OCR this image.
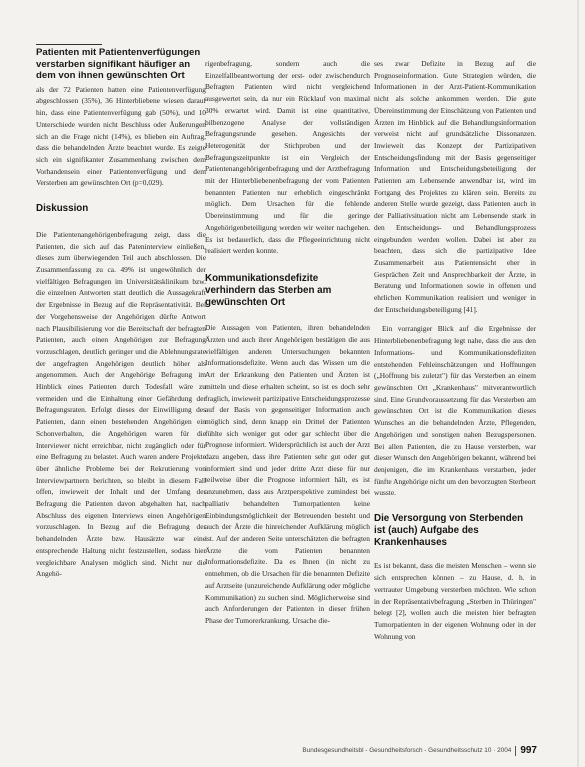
Patienten mit Patientenverfügungen verstarben signifikant häufiger an dem von ihnen gewünschten Ort

als der 72 Patienten hatten eine Patientenverfügung abgeschlossen (35%), 36 Hinterbliebene wiesen darauf hin, dass eine Patientenverfügung gab (50%), und 10 Unterschiede wurden nicht Beschluss oder Äußerungen sich an die Frage nicht (14%), es blieben ein Auftrag, dass die behandelnden Ärzte beachtet wurde. Es zeigte sich ein signifikanter Zusammenhang zwischen dem Vorhandensein einer Patientenverfügung und dem Versterben am gewünschten Ort (p=0,029).

Diskussion

Die Patientenangehörigenbefragung zeigt, dass die Patienten, die sich auf das Pateninterview einließen, dieses zum überwiegenden Teil auch abschlossen. Die Zusammenfassung zu ca. 49% ist ungewöhnlich der vielfältigen Befragungen im Universitätsklinikum bzw. die einzelnen Antworten statt deutlich die Aussagekraft der Ergebnisse in Bezug auf die Repräsentativität. Bei der Vorgehensweise der Angehörigen dürfte Antwort nach Plausibilisierung vor die Bereitschaft der befragten Patienten, auch einen Angehörigen zur Befragung vorzuschlagen, deutlich geringer und die Ablehnungsrate der angefragten Angehörigen deutlich höher als angenommen. Auch der Angehörige Befragung im Hinblick eines Patienten durch Todesfall wäre zu vermeiden und die Einhaltung einer Gefährdung der Befragungsraten. Erfolgt dieses der Einwilligung des Patienten, dann einen bestehenden Angehörigen ein Schonverhalten, die Angehörigen waren für die Interviewer nicht erreichbar, nicht zugänglich oder für eine Befragung zu belastet. Auch waren andere Projekte über ähnliche Probleme bei der Rekrutierung von Interviewpartnern berichten, so bleibt in diesem Fall offen, inwieweit der Inhalt und der Umfang der Befragung die Patienten davon abgehalten hat, nach Abschluss des eigenen Interviews einen Angehörigen vorzuschlagen. In Bezug auf die Befragung der behandelnden Ärzte bzw. Hausärzte war eine entsprechende Haltung nicht festzustellen, sodass hier vergleichbare Analysen möglich sind. Nicht nur die Angehö-

rigenbefragung, sondern auch die Einzelfallbeantwortung der erst- oder zwischendurch Befragten Patienten wird nicht vergleichend ausgewertet sein, da nur ein Rücklauf von maximal 30% erwartet wird. Damit ist eine quantitative, bilbenzogene Analyse der vollständigen Befragungsrunde gesehen. Angesichts der Heterogenität der Stichproben und der Befragungszeitpunkte ist ein Vergleich der Patientenangehörigenbefragung und der Arztbefragung mit der Hinterbliebenenbefragung der vom Patienten benannten Patienten nur erheblich eingeschränkt möglich. Dem Ursachen für die fehlende Übereinstimmung und für die geringe Angehörigenbeteiligung werden wir weiter nachgehen. Es ist bedauerlich, dass die Pflegeeinrichtung nicht realisiert werden konnte.

Kommunikationsdefizite verhindern das Sterben am gewünschten Ort

Die Aussagen von Patienten, ihren behandelnden Ärzten und auch ihrer Angehörigen bestätigen die aus vielfältigen anderen Untersuchungen bekannten Informationsdefizite. Wenn auch das Wissen um die Art der Erkrankung den Patienten und Ärzten ist mitteln und diese erhalten scheint, so ist es doch sehr fraglich, inwieweit partizipative Entscheidungsprozesse auf der Basis von gegenseitiger Information auch möglich sind, denn knapp ein Drittel der Patienten fühlte sich weniger gut oder gar schlecht über die Prognose informiert. Widersprüchlich ist auch der Arzt dazu angeben, dass ihre Patienten sehr gut oder gut informiert sind und jeder dritte Arzt diese für nur teilweise über die Prognose informiert hält, es ist anzunehmen, dass aus Arztperspektive zumindest bei palliativ behandelten Tumorpatienten keine Einbindungsmöglichkeit der Betreuenden besteht und auch der Ärzte die hinreichender Aufklärung möglich ist. Auf der anderen Seite unterschätzten die befragten Ärzte die vom Patienten benannten Informationsdefizite. Da es Ihnen (in nicht zu entnehmen, ob die Ursachen für die benannten Defizite auf Arztseite (unzureichende Aufklärung oder mögliche Kommunikation) zu suchen sind. Möglicherweise sind auch Anforderungen der Patienten in dieser frühen Phase der Tumorerkrankung. Ursache die-

ses zwar Defizite in Bezug auf die Prognoseinformation. Gute Strategien würden, die Informationen in der Arzt-Patient-Kommunikation nicht als solche ankommen werden. Die gute Übereinstimmung der Einschätzung von Patienten und Ärzten im Hinblick auf die Behandlungsinformation verweist nicht auf grundsätzliche Dissonanzen. Inwieweit das Konzept der Partizipativen Entscheidungsfindung mit der Basis gegenseitiger Information und Entscheidungsbeteiligung der Patienten am Lebensende anwendbar ist, wird im Fortgang des Projektes zu klären sein. Bereits zu anderen Stelle wurde gezeigt, dass Patienten auch in der Palliativsituation nicht am Lebensende stark in den Entscheidungs- und Behandlungsprozess eingebunden werden wollen. Dabei ist aber zu beachten, dass sich die partizipative Idee Zusammenarbeit aus Patientensicht eher in Gesprächen Zeit und Ansprechbarkeit der Ärzte, in Beratung und Informationen sowie in offenen und ehrlichen Kommunikation realisiert und weniger in der Entscheidungsbeteiligung [41].

Ein vorrangiger Blick auf die Ergebnisse der Hinterbliebenenbefragung legt nahe, dass die aus den Informations- und Kommunikationsdefiziten entstehenden Fehleinschätzungen und Hoffnungen („Hoffnung bis zuletzt") für das Versterben an einem gewünschten Ort „Krankenhaus" mitverantwortlich sind. Eine Grundvoraussetzung für das Versterben am gewünschten Ort ist die Kommunikation dieses Wunsches an die behandelnden Ärzte, Pflegenden, Angehörigen und sonstigen nahen Bezugspersonen. Bei allen Patienten, die zu Hause versterben, war dieser Wunsch den Angehörigen bekannt, während bei denjenigen, die im Krankenhaus verstarben, jeder fünfte Angehörige nicht um den bevorzugten Sterbeort wusste.

Die Versorgung von Sterbenden ist (auch) Aufgabe des Krankenhauses

Es ist bekannt, dass die meisten Menschen – wenn sie sich entsprechen können – zu Hause, d. h. in vertrauter Umgebung versterben möchten. Wie schon in der Repräsentativbefragung „Sterben in Thüringen" belegt [2], wollen auch die meisten hier befragten Tumorpatienten in der eigenen Wohnung oder in der Wohnung von

Bundesgesundheitsbl - Gesundheitsforsch - Gesundheitsschutz 10 · 2004 997
